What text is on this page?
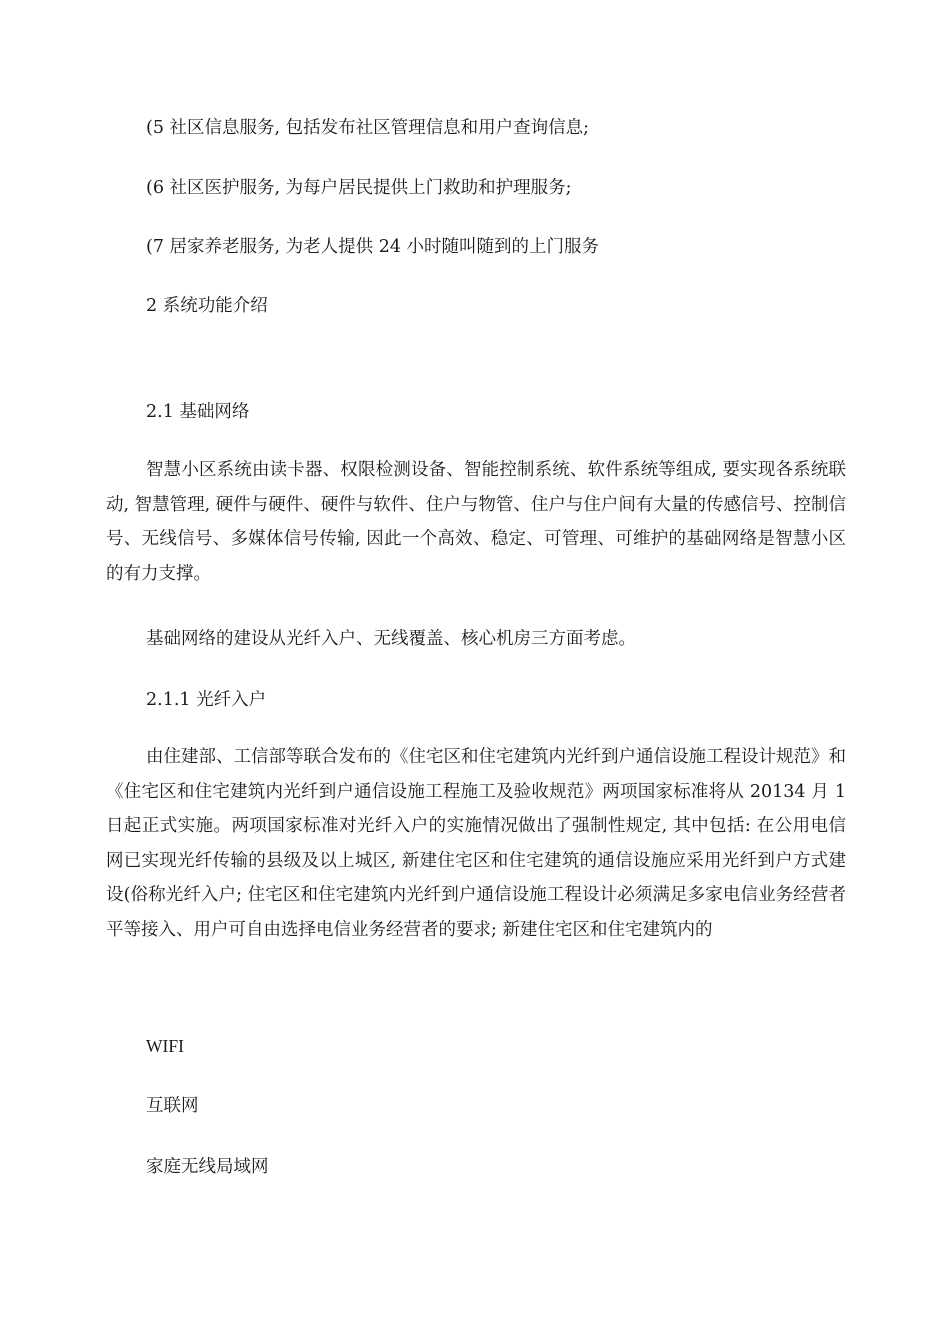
(5 社区信息服务, 包括发布社区管理信息和用户查询信息;
(6 社区医护服务, 为每户居民提供上门救助和护理服务;
(7 居家养老服务, 为老人提供 24 小时随叫随到的上门服务
2 系统功能介绍
2.1 基础网络

智慧小区系统由读卡器、权限检测设备、智能控制系统、软件系统等组成, 要实现各系统联动, 智慧管理, 硬件与硬件、硬件与软件、住户与物管、住户与住户间有大量的传感信号、控制信号、无线信号、多媒体信号传输, 因此一个高效、稳定、可管理、可维护的基础网络是智慧小区的有力支撑。

基础网络的建设从光纤入户、无线覆盖、核心机房三方面考虑。
2.1.1 光纤入户

由住建部、工信部等联合发布的《住宅区和住宅建筑内光纤到户通信设施工程设计规范》和《住宅区和住宅建筑内光纤到户通信设施工程施工及验收规范》两项国家标准将从 20134 月 1 日起正式实施。两项国家标准对光纤入户的实施情况做出了强制性规定, 其中包括: 在公用电信网已实现光纤传输的县级及以上城区, 新建住宅区和住宅建筑的通信设施应采用光纤到户方式建设(俗称光纤入户; 住宅区和住宅建筑内光纤到户通信设施工程设计必须满足多家电信业务经营者平等接入、用户可自由选择电信业务经营者的要求; 新建住宅区和住宅建筑内的

WIFI
互联网
家庭无线局域网
